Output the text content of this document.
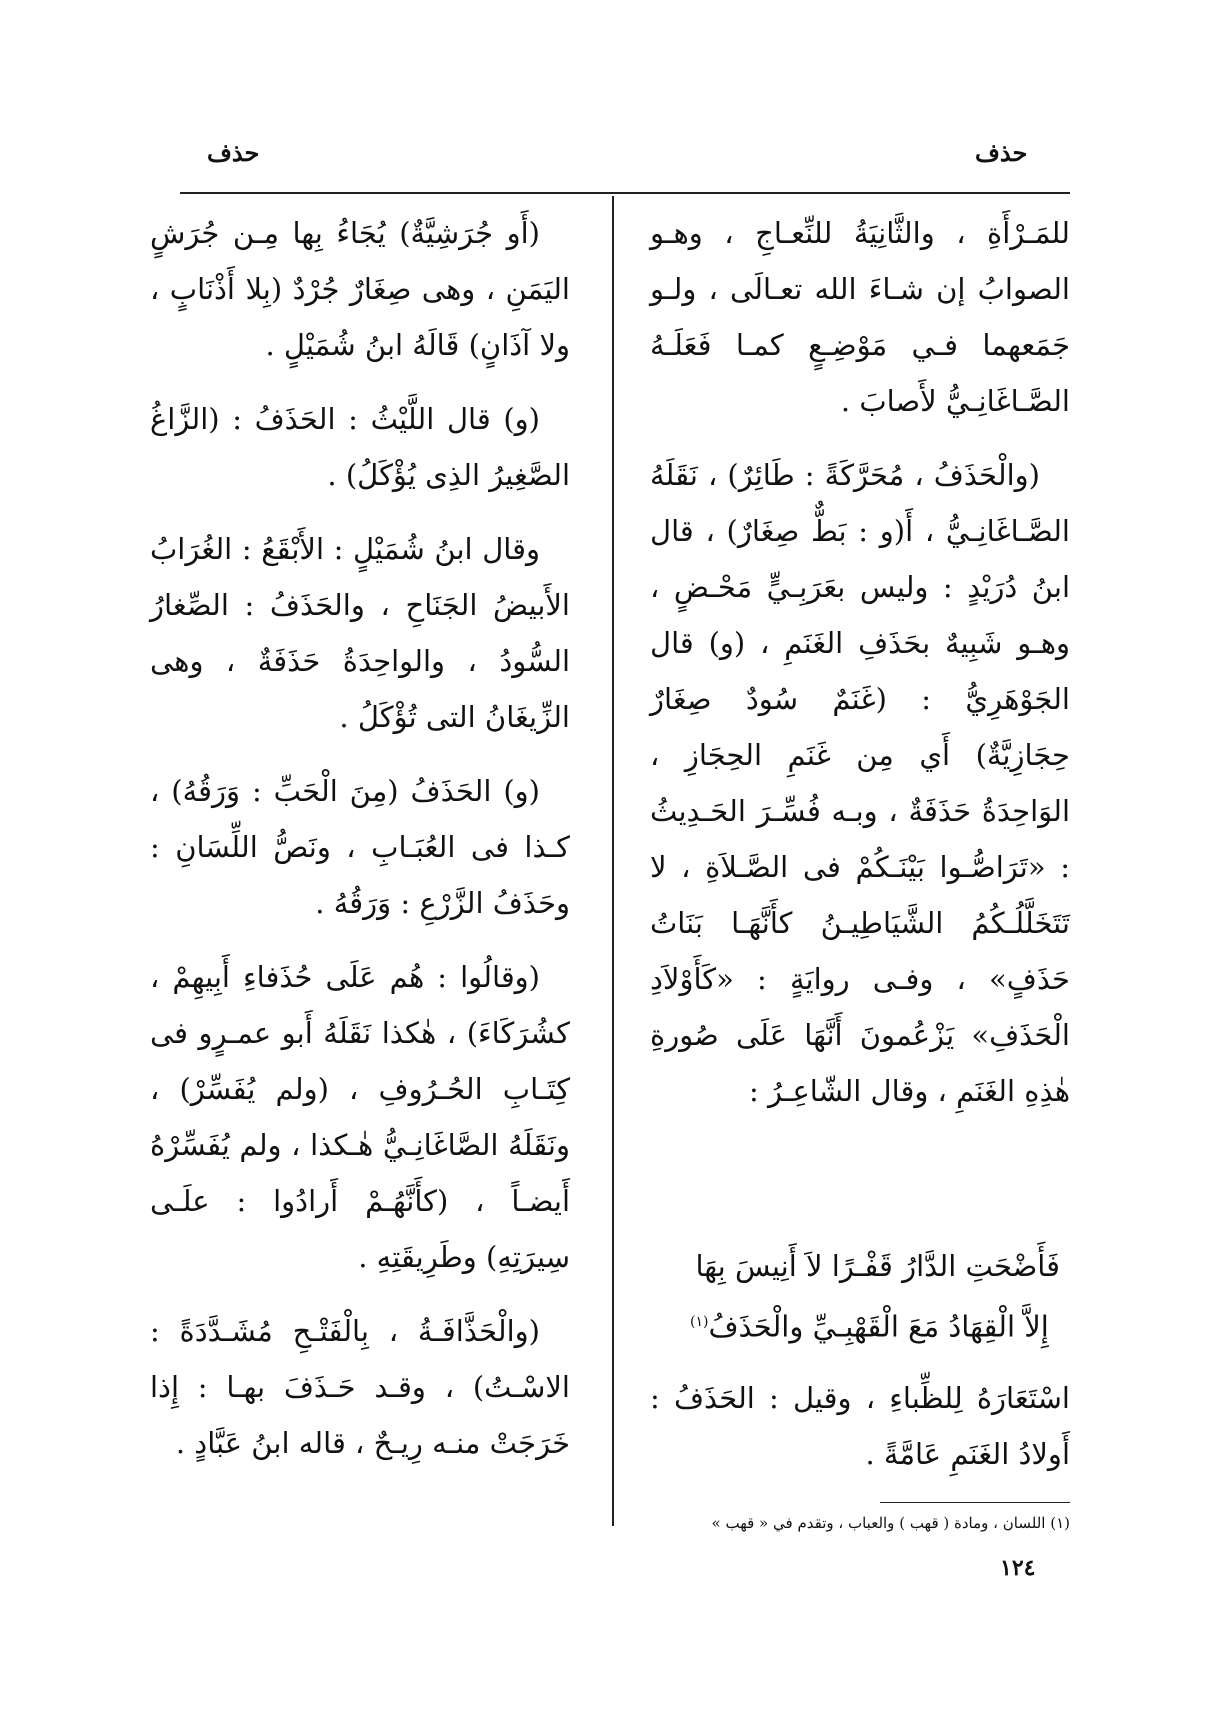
حذف
حذف

للمَـرْأَةِ ، والثَّانِيَةُ للنِّعـاجِ ، وهـو الصوابُ إن شـاءَ الله تعـالَى ، ولـو جَمَعهما فـي مَوْضِـعٍ كمـا فَعَلَـهُ الصَّـاغَانِـيُّ لأَصابَ .

(والْحَذَفُ ، مُحَرَّكَةً : طَائِرٌ) ، نَقَلَهُ الصَّـاغَانِـيُّ ، أَ(و : بَطٌّ صِغَارٌ) ، قال ابنُ دُرَيْدٍ : وليس بعَرَبِـيٍّ مَحْـضٍ ، وهـو شَبِيهٌ بحَذَفِ الغَنَمِ ، (و) قال الجَوْهَرِيُّ : (غَنَمٌ سُودٌ صِغَارٌ حِجَازِيَّةٌ) أَي مِن غَنَمِ الحِجَازِ ، الوَاحِدَةُ حَذَفَةٌ ، وبـه فُسِّـرَ الحَـدِيثُ : «تَرَاصُّـوا بَيْنَـكُمْ فى الصَّـلاَةِ ، لا تَتَخَلَّلُـكُمُ الشَّيَاطِيـنُ كأَنَّهَـا بَنَاتُ حَذَفٍ» ، وفـى روايَةٍ : «كَأَوْلاَدِ الْحَذَفِ» يَزْعُمونَ أَنَّهَا عَلَى صُورةِ هٰذِهِ الغَنَمِ ، وقال الشّاعِـرُ :

فَأَضْحَتِ الدَّارُ قَفْـرًا لاَ أَنِيسَ بِهَا
إِلاَّ الْقِهَادُ مَعَ الْقَهْبِـيِّ والْحَذَفُ$^{(١)}$
اسْتَعَارَهُ لِلظِّباءِ ، وقيل : الحَذَفُ : أَولادُ الغَنَمِ عَامَّةً .

(أَو جُرَشِيَّةٌ) يُجَاءُ بِها مِـن جُرَشٍ اليَمَنِ ، وهى صِغَارٌ جُرْدٌ (بِلا أَذْنَابٍ ، ولا آذَانٍ) قَالَهُ ابنُ شُمَيْلٍ .

(و) قال اللَّيْثُ : الحَذَفُ : (الزَّاغُ الصَّغِيرُ الذِى يُؤْكَلُ) .

وقال ابنُ شُمَيْلٍ : الأَبْقَعُ : الغُرَابُ الأَبيضُ الجَنَاحِ ، والحَذَفُ : الصِّغارُ السُّودُ ، والواحِدَةُ حَذَفَةٌ ، وهى الزِّيغَانُ التى تُؤْكَلُ .

(و) الحَذَفُ (مِنَ الْحَبِّ : وَرَقُهُ) ، كـذا فى العُبَـابِ ، ونَصُّ اللِّسَانِ : وحَذَفُ الزَّرْعِ : وَرَقُهُ .

(وقالُوا : هُم عَلَى حُذَفاءِ أَبِيهِمْ ، كشُرَكَاءَ) ، هٰكذا نَقَلَهُ أَبو عمـرٍو فى كِتَـابِ الحُـرُوفِ ، (ولم يُفَسِّرْ) ، ونَقَلَهُ الصَّاغَانِـيُّ هٰـكذا ، ولم يُفَسِّرْهُ أَيضـاً ، (كأَنَّهُـمْ أَرادُوا : علَـى سِيرَتِهِ) وطَرِيقَتِهِ .

(والْحَذَّافَـةُ ، بِالْفَتْـحِ مُشَـدَّدَةً : الاسْـتُ) ، وقـد حَـذَفَ بهـا : إِذا خَرَجَتْ منـه رِيـحٌ ، قاله ابنُ عَبَّادٍ .

(١) اللسان ، ومادة ( قهب ) والعباب ، وتقدم في « قهب »
١٢٤
